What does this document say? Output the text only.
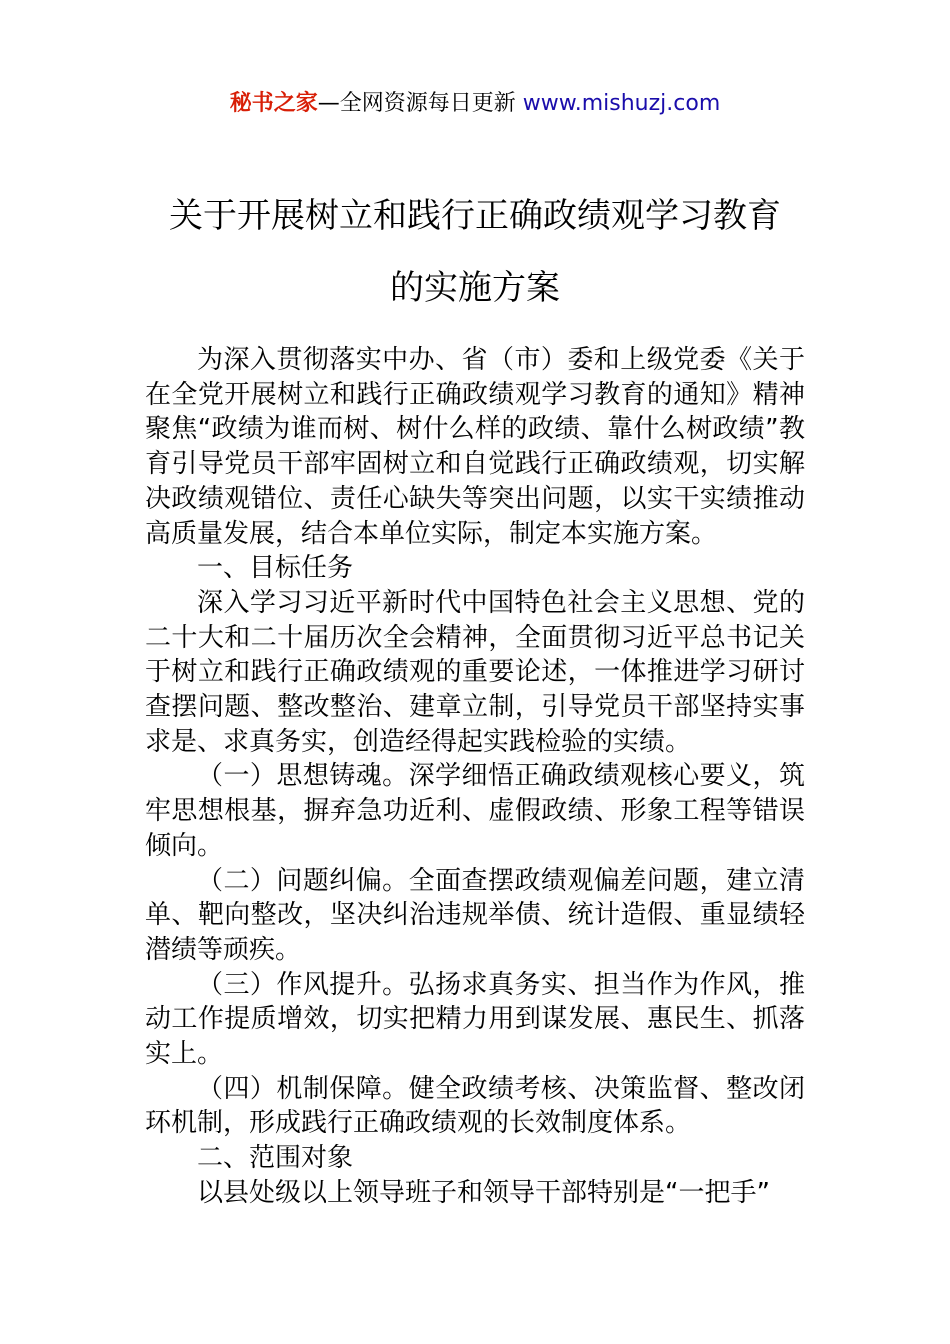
秘书之家—全网资源每日更新 www.mishuzj.com
关于开展树立和践行正确政绩观学习教育
的实施方案

为深入贯彻落实中办、省（市）委和上级党委《关于在全党开展树立和践行正确政绩观学习教育的通知》精神聚焦“政绩为谁而树、树什么样的政绩、靠什么树政绩”教育引导党员干部牢固树立和自觉践行正确政绩观，切实解决政绩观错位、责任心缺失等突出问题，以实干实绩推动高质量发展，结合本单位实际，制定本实施方案。

一、目标任务

深入学习习近平新时代中国特色社会主义思想、党的二十大和二十届历次全会精神，全面贯彻习近平总书记关于树立和践行正确政绩观的重要论述，一体推进学习研讨查摆问题、整改整治、建章立制，引导党员干部坚持实事求是、求真务实，创造经得起实践检验的实绩。

（一）思想铸魂。深学细悟正确政绩观核心要义，筑牢思想根基，摒弃急功近利、虚假政绩、形象工程等错误倾向。

（二）问题纠偏。全面查摆政绩观偏差问题，建立清单、靶向整改，坚决纠治违规举债、统计造假、重显绩轻潜绩等顽疾。

（三）作风提升。弘扬求真务实、担当作为作风，推动工作提质增效，切实把精力用到谋发展、惠民生、抓落实上。

（四）机制保障。健全政绩考核、决策监督、整改闭环机制，形成践行正确政绩观的长效制度体系。

二、范围对象

以县处级以上领导班子和领导干部特别是“一把手”
